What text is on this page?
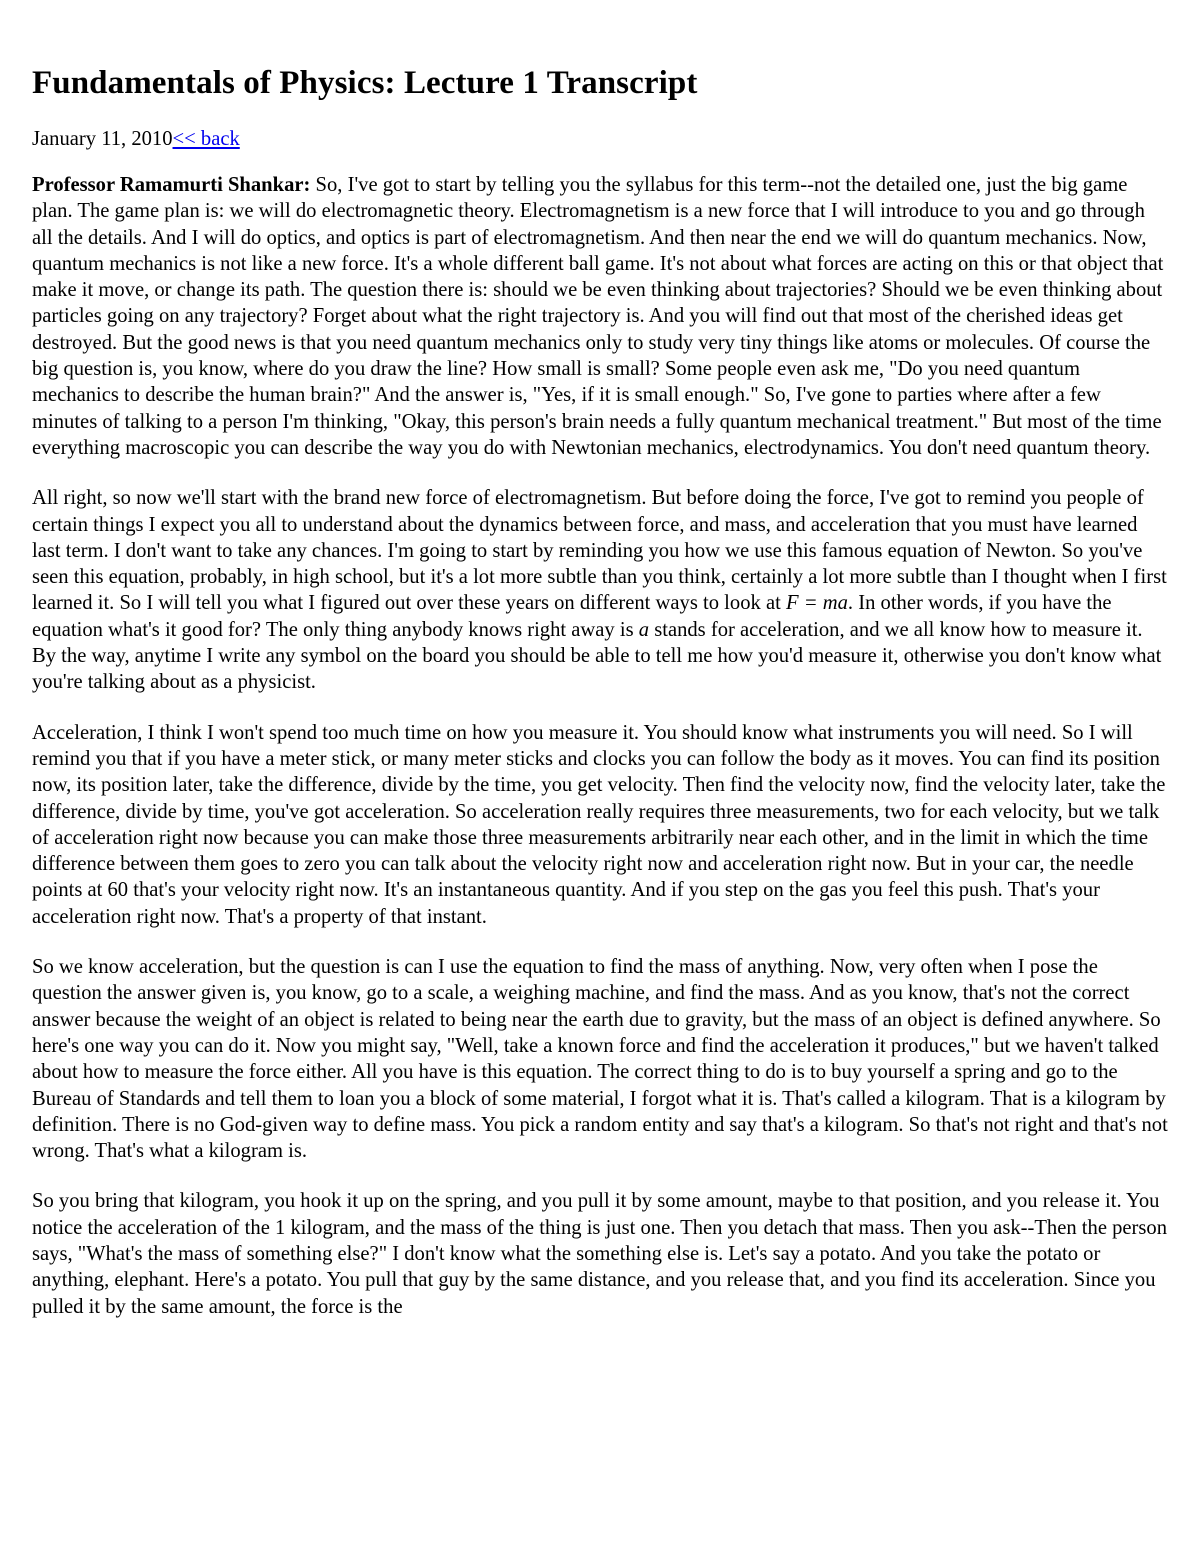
Fundamentals of Physics: Lecture 1 Transcript
January 11, 2010<< back

Professor Ramamurti Shankar: So, I've got to start by telling you the syllabus for this term--not the detailed one, just the big game plan. The game plan is: we will do electromagnetic theory. Electromagnetism is a new force that I will introduce to you and go through all the details. And I will do optics, and optics is part of electromagnetism. And then near the end we will do quantum mechanics. Now, quantum mechanics is not like a new force. It's a whole different ball game. It's not about what forces are acting on this or that object that make it move, or change its path. The question there is: should we be even thinking about trajectories? Should we be even thinking about particles going on any trajectory? Forget about what the right trajectory is. And you will find out that most of the cherished ideas get destroyed. But the good news is that you need quantum mechanics only to study very tiny things like atoms or molecules. Of course the big question is, you know, where do you draw the line? How small is small? Some people even ask me, "Do you need quantum mechanics to describe the human brain?" And the answer is, "Yes, if it is small enough." So, I've gone to parties where after a few minutes of talking to a person I'm thinking, "Okay, this person's brain needs a fully quantum mechanical treatment." But most of the time everything macroscopic you can describe the way you do with Newtonian mechanics, electrodynamics. You don't need quantum theory.

All right, so now we'll start with the brand new force of electromagnetism. But before doing the force, I've got to remind you people of certain things I expect you all to understand about the dynamics between force, and mass, and acceleration that you must have learned last term. I don't want to take any chances. I'm going to start by reminding you how we use this famous equation of Newton. So you've seen this equation, probably, in high school, but it's a lot more subtle than you think, certainly a lot more subtle than I thought when I first learned it. So I will tell you what I figured out over these years on different ways to look at F = ma. In other words, if you have the equation what's it good for? The only thing anybody knows right away is a stands for acceleration, and we all know how to measure it. By the way, anytime I write any symbol on the board you should be able to tell me how you'd measure it, otherwise you don't know what you're talking about as a physicist.

Acceleration, I think I won't spend too much time on how you measure it. You should know what instruments you will need. So I will remind you that if you have a meter stick, or many meter sticks and clocks you can follow the body as it moves. You can find its position now, its position later, take the difference, divide by the time, you get velocity. Then find the velocity now, find the velocity later, take the difference, divide by time, you've got acceleration. So acceleration really requires three measurements, two for each velocity, but we talk of acceleration right now because you can make those three measurements arbitrarily near each other, and in the limit in which the time difference between them goes to zero you can talk about the velocity right now and acceleration right now. But in your car, the needle points at 60 that's your velocity right now. It's an instantaneous quantity. And if you step on the gas you feel this push. That's your acceleration right now. That's a property of that instant.

So we know acceleration, but the question is can I use the equation to find the mass of anything. Now, very often when I pose the question the answer given is, you know, go to a scale, a weighing machine, and find the mass. And as you know, that's not the correct answer because the weight of an object is related to being near the earth due to gravity, but the mass of an object is defined anywhere. So here's one way you can do it. Now you might say, "Well, take a known force and find the acceleration it produces," but we haven't talked about how to measure the force either. All you have is this equation. The correct thing to do is to buy yourself a spring and go to the Bureau of Standards and tell them to loan you a block of some material, I forgot what it is. That's called a kilogram. That is a kilogram by definition. There is no God-given way to define mass. You pick a random entity and say that's a kilogram. So that's not right and that's not wrong. That's what a kilogram is.

So you bring that kilogram, you hook it up on the spring, and you pull it by some amount, maybe to that position, and you release it. You notice the acceleration of the 1 kilogram, and the mass of the thing is just one. Then you detach that mass. Then you ask--Then the person says, "What's the mass of something else?" I don't know what the something else is. Let's say a potato. And you take the potato or anything, elephant. Here's a potato. You pull that guy by the same distance, and you release that, and you find its acceleration. Since you pulled it by the same amount, the force is the
